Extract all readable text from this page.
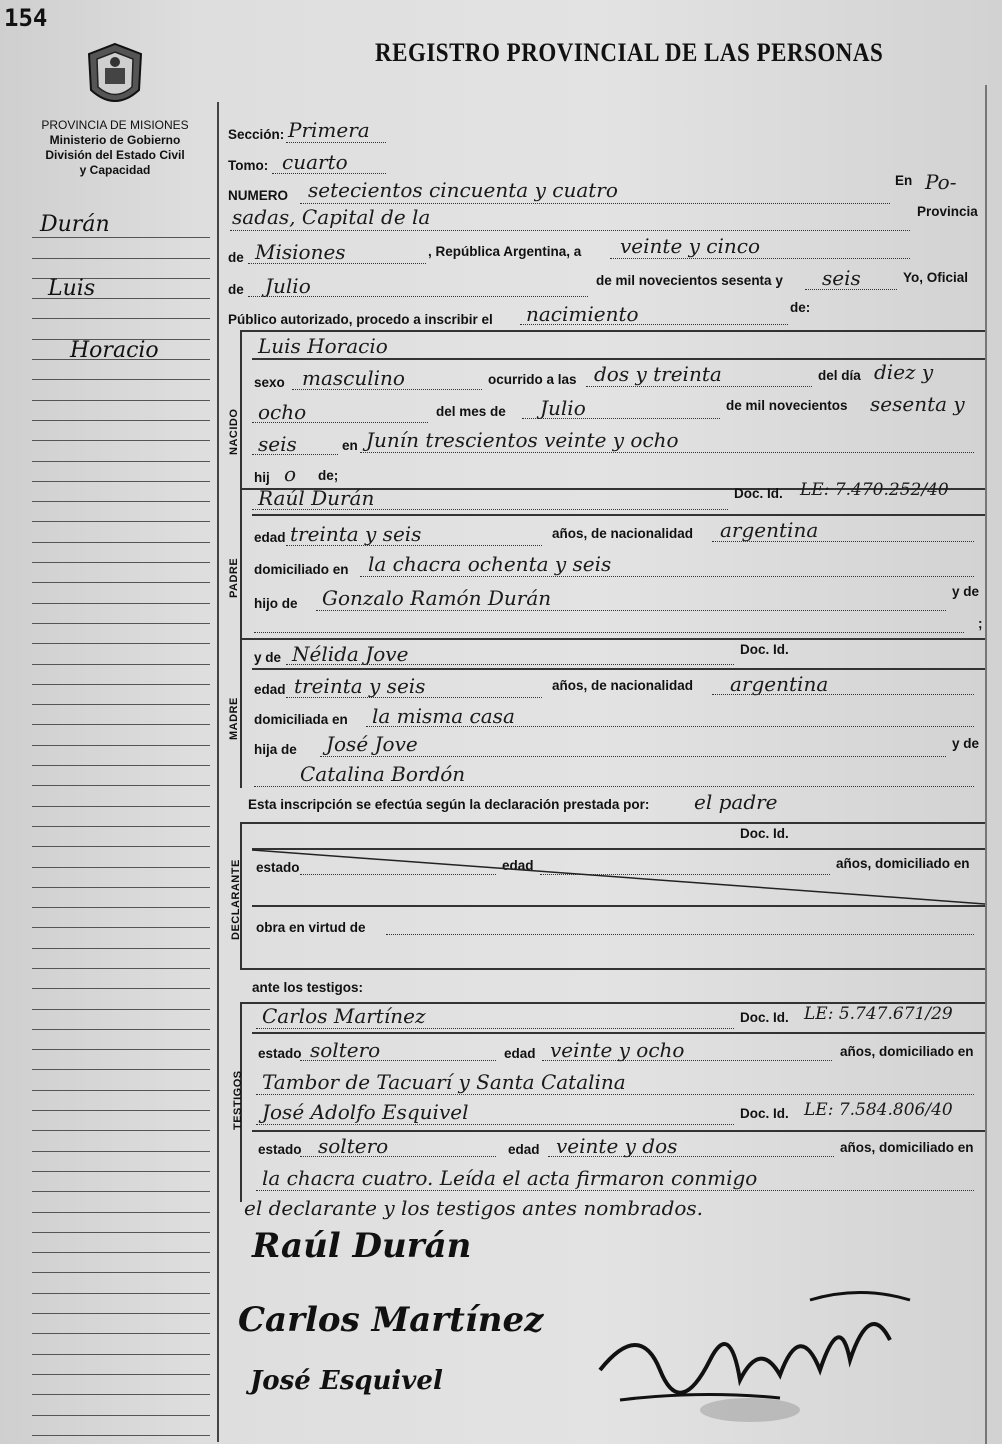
154
REGISTRO PROVINCIAL DE LAS PERSONAS
PROVINCIA DE MISIONES
Ministerio de Gobierno
División del Estado Civil
y Capacidad
Durán
Luis
Horacio
Sección: Primera
Tomo: cuarto
NUMERO setecientos cincuenta y cuatro	En Po-
sadas, Capital de la	Provincia
de Misiones	, República Argentina, a veinte y cinco
de Julio	de mil novecientos sesenta y seis	Yo, Oficial
Público autorizado, procedo a inscribir el nacimiento	de:
NACIDO
Luis Horacio
sexo masculino	ocurrido a las dos y treinta	del día diez y
ocho	del mes de Julio	de mil novecientos sesenta y
seis	en Junín trescientos veinte y ocho
hij o de;
Raúl Durán	Doc. Id. LE: 7.470.252/40
PADRE
edad treinta y seis	años, de nacionalidad argentina
domiciliado en la chacra ochenta y seis
hijo de Gonzalo Ramón Durán	y de
;
MADRE
y de Nélida Jove	Doc. Id.
edad treinta y seis	años, de nacionalidad argentina
domiciliada en la misma casa
hija de José Jove	y de
Catalina Bordón
Esta inscripción se efectúa según la declaración prestada por: el padre
DECLARANTE
Doc. Id.
estado	edad	años, domiciliado en
obra en virtud de
ante los testigos:
TESTIGOS
Carlos Martínez	Doc. Id. LE: 5.747.671/29
estado soltero	edad veinte y ocho	años, domiciliado en
Tambor de Tacuarí y Santa Catalina
José Adolfo Esquivel	Doc. Id. LE: 7.584.806/40
estado soltero	edad veinte y dos	años, domiciliado en
la chacra cuatro. Leída el acta firmaron conmigo
el declarante y los testigos antes nombrados.
Raúl Durán
Carlos Martínez
José Esquivel
